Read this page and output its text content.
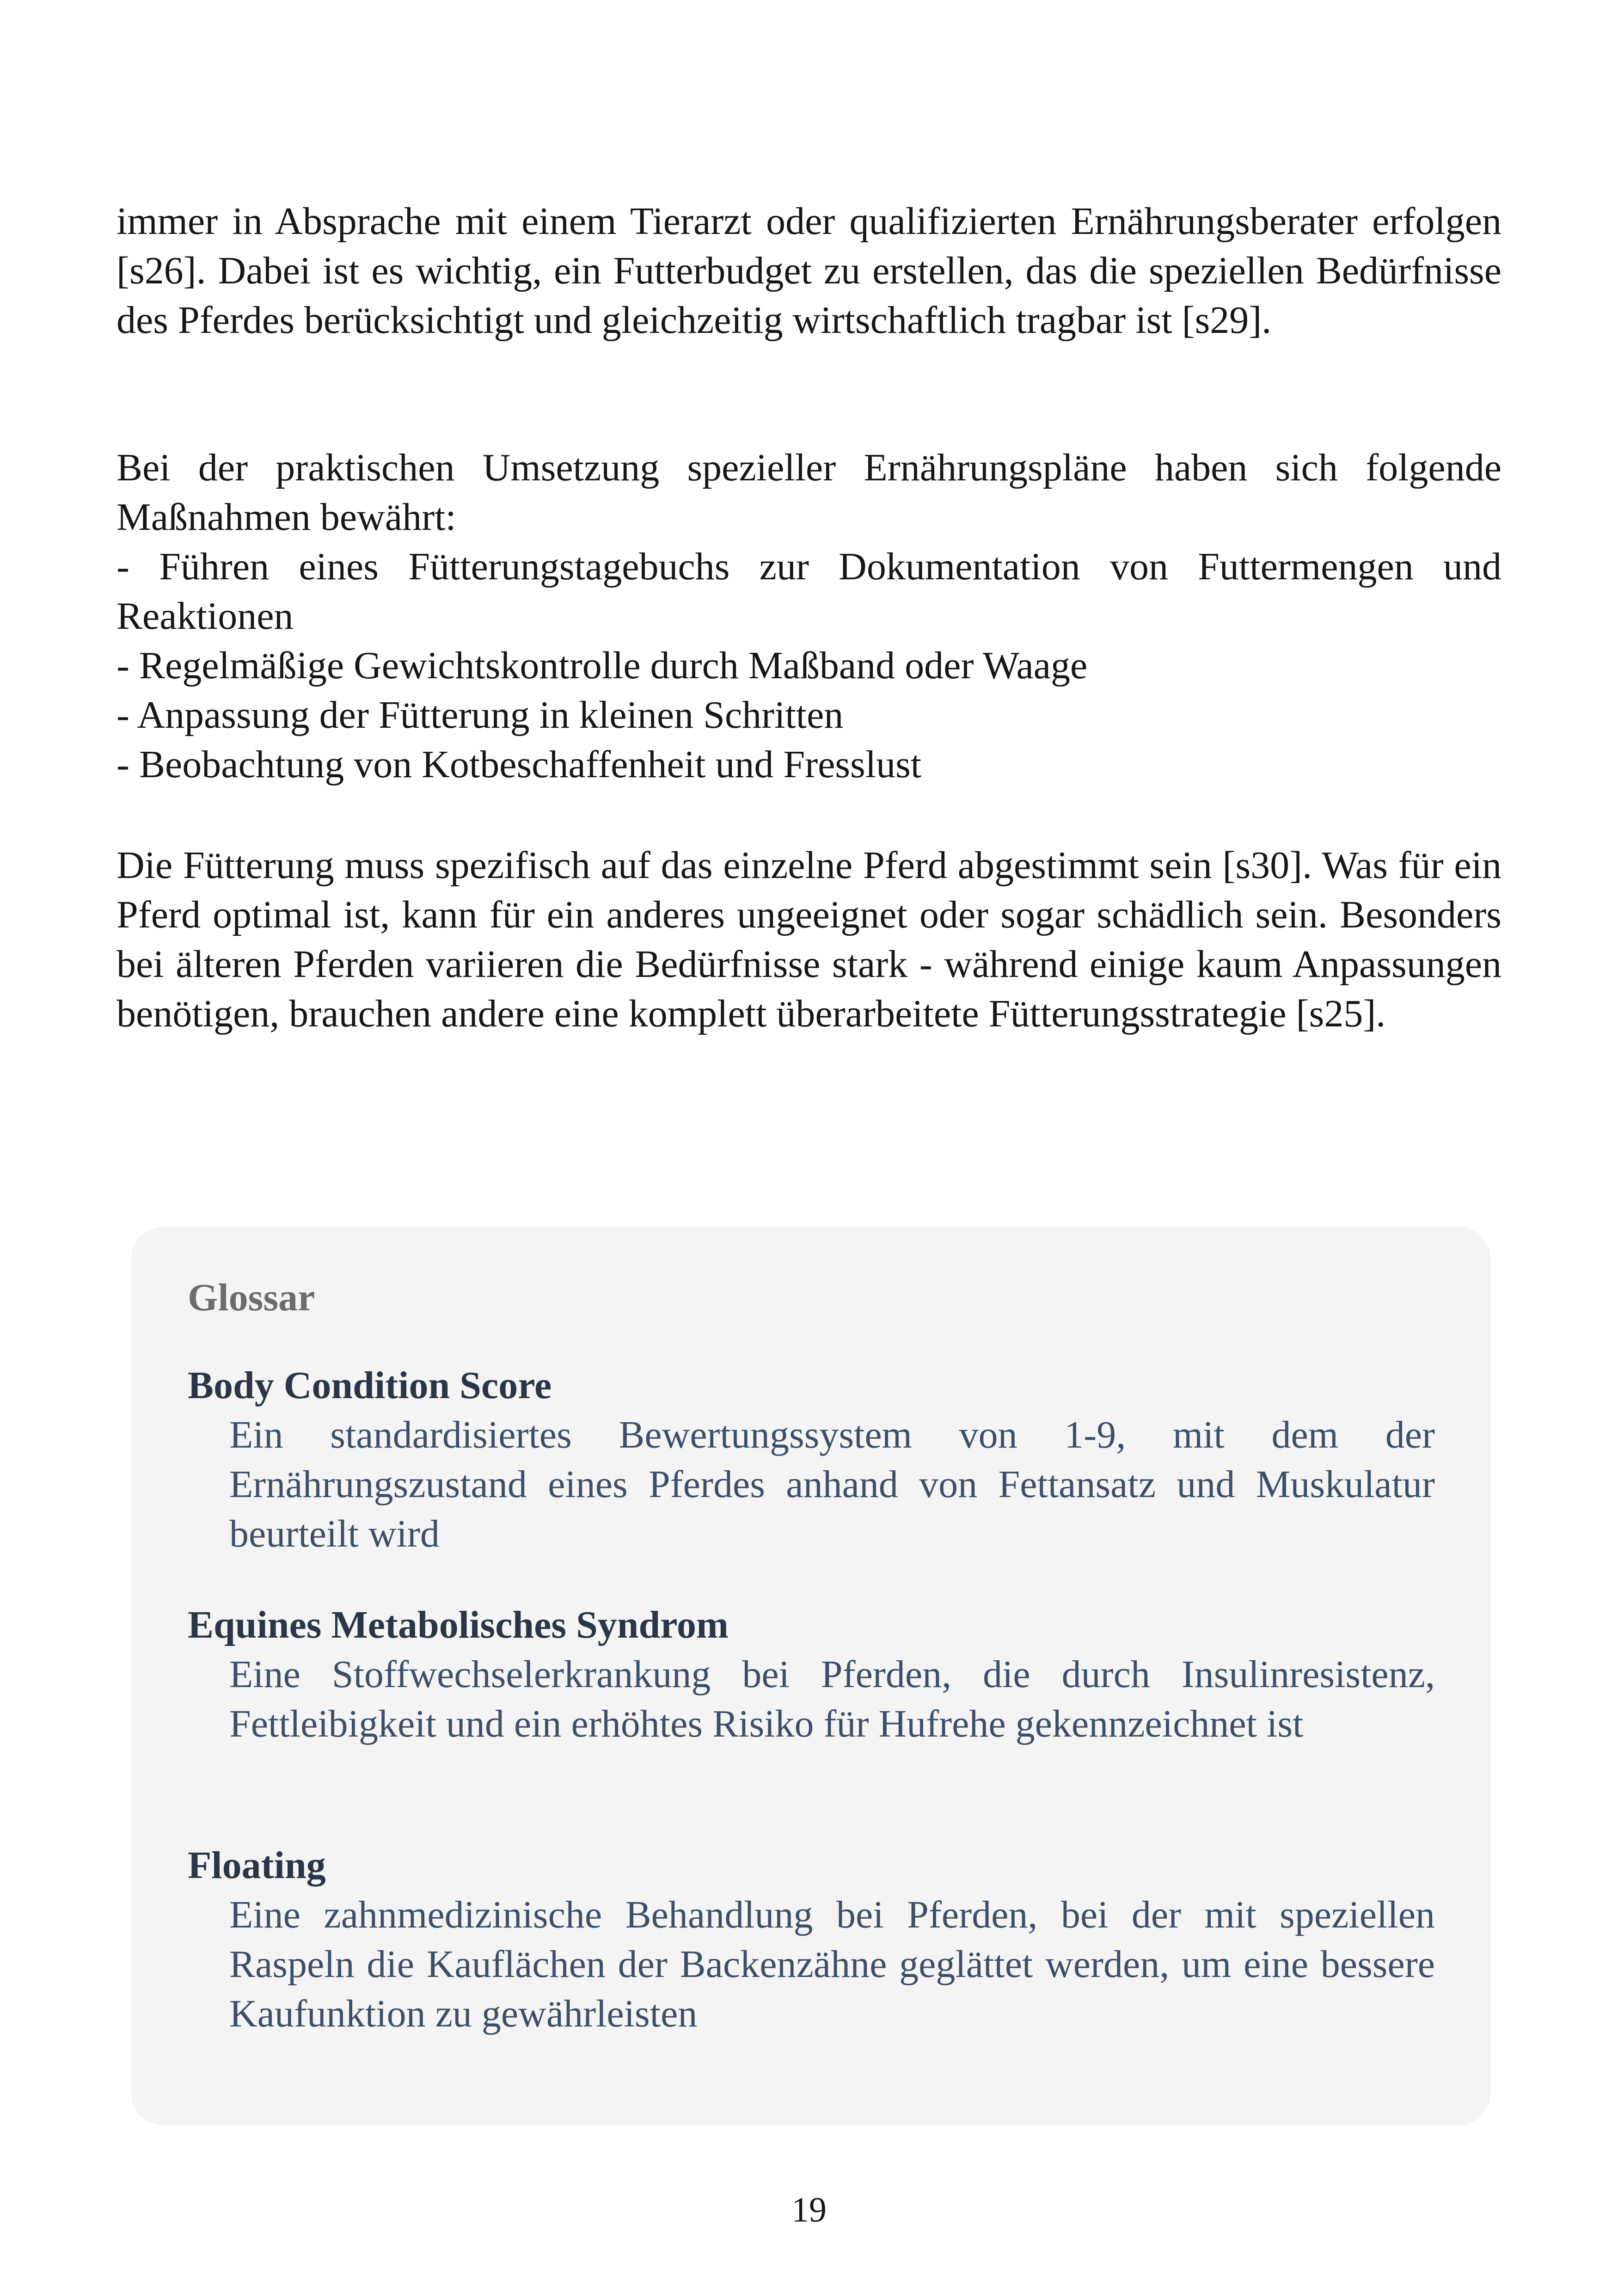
immer in Absprache mit einem Tierarzt oder qualifizierten Ernährungsberater erfolgen [s26]. Dabei ist es wichtig, ein Futterbudget zu erstellen, das die speziellen Bedürfnisse des Pferdes berücksichtigt und gleichzeitig wirtschaftlich tragbar ist [s29].

Bei der praktischen Umsetzung spezieller Ernährungspläne haben sich folgende Maßnahmen bewährt:

- Führen eines Fütterungstagebuchs zur Dokumentation von Futtermengen und Reaktionen
- Regelmäßige Gewichtskontrolle durch Maßband oder Waage
- Anpassung der Fütterung in kleinen Schritten
- Beobachtung von Kotbeschaffenheit und Fresslust

Die Fütterung muss spezifisch auf das einzelne Pferd abgestimmt sein [s30]. Was für ein Pferd optimal ist, kann für ein anderes ungeeignet oder sogar schädlich sein. Besonders bei älteren Pferden variieren die Bedürfnisse stark - während einige kaum Anpassungen benötigen, brauchen andere eine komplett überarbeitete Fütterungsstrategie [s25].

Glossar

Body Condition Score

Ein standardisiertes Bewertungssystem von 1-9, mit dem der Ernährungszustand eines Pferdes anhand von Fettansatz und Muskulatur beurteilt wird

Equines Metabolisches Syndrom

Eine Stoffwechselerkrankung bei Pferden, die durch Insulinresistenz, Fettleibigkeit und ein erhöhtes Risiko für Hufrehe gekennzeichnet ist

Floating

Eine zahnmedizinische Behandlung bei Pferden, bei der mit speziellen Raspeln die Kauflächen der Backenzähne geglättet werden, um eine bessere Kaufunktion zu gewährleisten

19
